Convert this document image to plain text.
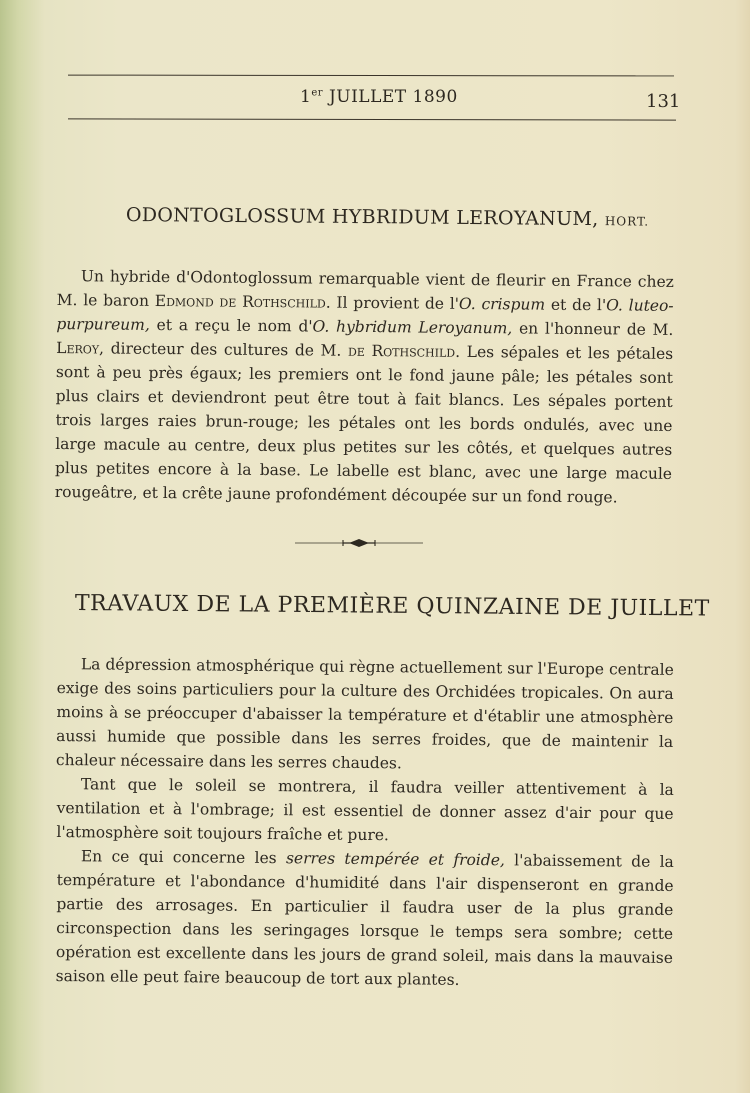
1er JUILLET 1890	131
ODONTOGLOSSUM HYBRIDUM LEROYANUM, HORT.
Un hybride d'Odontoglossum remarquable vient de fleurir en France chez M. le baron Edmond de Rothschild. Il provient de l'O. crispum et de l'O. luteo-purpureum, et a reçu le nom d'O. hybridum Leroyanum, en l'honneur de M. Leroy, directeur des cultures de M. de Rothschild. Les sépales et les pétales sont à peu près égaux; les premiers ont le fond jaune pâle; les pétales sont plus clairs et deviendront peut être tout à fait blancs. Les sépales portent trois larges raies brun-rouge; les pétales ont les bords ondulés, avec une large macule au centre, deux plus petites sur les côtés, et quelques autres plus petites encore à la base. Le labelle est blanc, avec une large macule rougeâtre, et la crête jaune profondément découpée sur un fond rouge.
TRAVAUX DE LA PREMIÈRE QUINZAINE DE JUILLET
La dépression atmosphérique qui règne actuellement sur l'Europe centrale exige des soins particuliers pour la culture des Orchidées tropicales. On aura moins à se préoccuper d'abaisser la température et d'établir une atmosphère aussi humide que possible dans les serres froides, que de maintenir la chaleur nécessaire dans les serres chaudes.
Tant que le soleil se montrera, il faudra veiller attentivement à la ventilation et à l'ombrage; il est essentiel de donner assez d'air pour que l'atmosphère soit toujours fraîche et pure.
En ce qui concerne les serres tempérée et froide, l'abaissement de la température et l'abondance d'humidité dans l'air dispenseront en grande partie des arrosages. En particulier il faudra user de la plus grande circonspection dans les seringages lorsque le temps sera sombre; cette opération est excellente dans les jours de grand soleil, mais dans la mauvaise saison elle peut faire beaucoup de tort aux plantes.
